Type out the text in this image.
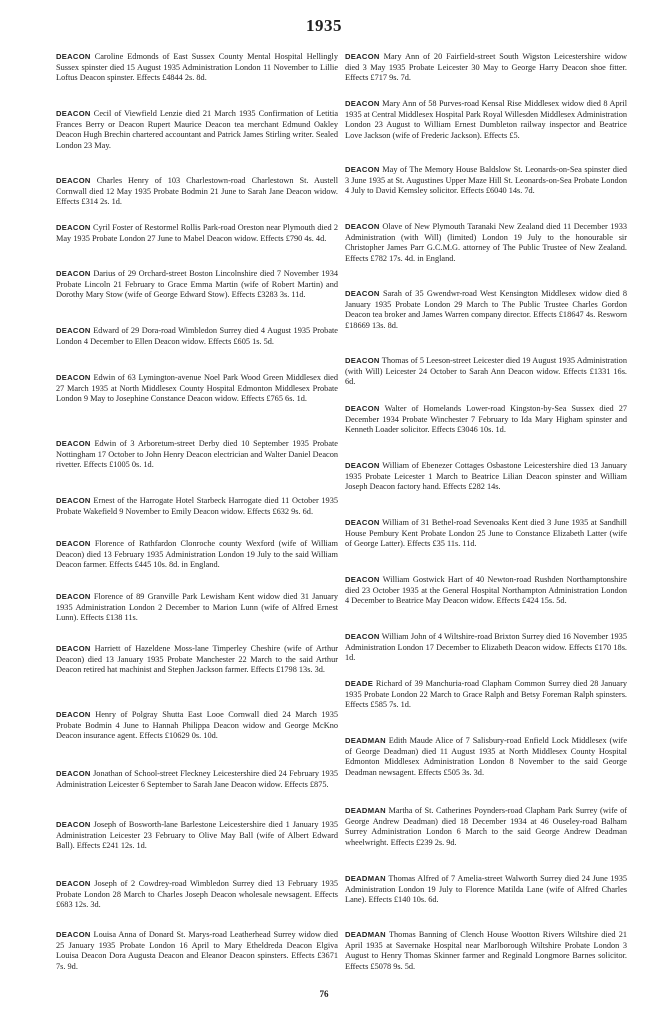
1935
DEACON Caroline Edmonds of East Sussex County Mental Hospital Hellingly Sussex spinster died 15 August 1935 Administration London 11 November to Lillie Loftus Deacon spinster. Effects £4844 2s. 8d.
DEACON Cecil of Viewfield Lenzie died 21 March 1935 Confirmation of Letitia Frances Berry or Deacon Rupert Maurice Deacon tea merchant Edmund Oakley Deacon Hugh Brechin chartered accountant and Patrick James Stirling writer. Sealed London 23 May.
DEACON Charles Henry of 103 Charlestown-road Charlestown St. Austell Cornwall died 12 May 1935 Probate Bodmin 21 June to Sarah Jane Deacon widow. Effects £314 2s. 1d.
DEACON Cyril Foster of Restormel Rollis Park-road Oreston near Plymouth died 2 May 1935 Probate London 27 June to Mabel Deacon widow. Effects £790 4s. 4d.
DEACON Darius of 29 Orchard-street Boston Lincolnshire died 7 November 1934 Probate Lincoln 21 February to Grace Emma Martin (wife of Robert Martin) and Dorothy Mary Stow (wife of George Edward Stow). Effects £3283 3s. 11d.
DEACON Edward of 29 Dora-road Wimbledon Surrey died 4 August 1935 Probate London 4 December to Ellen Deacon widow. Effects £605 1s. 5d.
DEACON Edwin of 63 Lymington-avenue Noel Park Wood Green Middlesex died 27 March 1935 at North Middlesex County Hospital Edmonton Middlesex Probate London 9 May to Josephine Constance Deacon widow. Effects £765 6s. 1d.
DEACON Edwin of 3 Arboretum-street Derby died 10 September 1935 Probate Nottingham 17 October to John Henry Deacon electrician and Walter Daniel Deacon rivetter. Effects £1005 0s. 1d.
DEACON Ernest of the Harrogate Hotel Starbeck Harrogate died 11 October 1935 Probate Wakefield 9 November to Emily Deacon widow. Effects £632 9s. 6d.
DEACON Florence of Rathfardon Clonroche county Wexford (wife of William Deacon) died 13 February 1935 Administration London 19 July to the said William Deacon farmer. Effects £445 10s. 8d. in England.
DEACON Florence of 89 Granville Park Lewisham Kent widow died 31 January 1935 Administration London 2 December to Marion Lunn (wife of Alfred Ernest Lunn). Effects £138 11s.
DEACON Harriett of Hazeldene Moss-lane Timperley Cheshire (wife of Arthur Deacon) died 13 January 1935 Probate Manchester 22 March to the said Arthur Deacon retired hat machinist and Stephen Jackson farmer. Effects £1798 13s. 3d.
DEACON Henry of Polgray Shutta East Looe Cornwall died 24 March 1935 Probate Bodmin 4 June to Hannah Philippa Deacon widow and George McKno Deacon insurance agent. Effects £10629 0s. 10d.
DEACON Jonathan of School-street Fleckney Leicestershire died 24 February 1935 Administration Leicester 6 September to Sarah Jane Deacon widow. Effects £875.
DEACON Joseph of Bosworth-lane Barlestone Leicestershire died 1 January 1935 Administration Leicester 23 February to Olive May Ball (wife of Albert Edward Ball). Effects £241 12s. 1d.
DEACON Joseph of 2 Cowdrey-road Wimbledon Surrey died 13 February 1935 Probate London 28 March to Charles Joseph Deacon wholesale newsagent. Effects £683 12s. 3d.
DEACON Louisa Anna of Donard St. Marys-road Leatherhead Surrey widow died 25 January 1935 Probate London 16 April to Mary Etheldreda Deacon Elgiva Louisa Deacon Dora Augusta Deacon and Eleanor Deacon spinsters. Effects £3671 7s. 9d.
DEACON Mary Ann of 20 Fairfield-street South Wigston Leicestershire widow died 3 May 1935 Probate Leicester 30 May to George Harry Deacon shoe fitter. Effects £717 9s. 7d.
DEACON Mary Ann of 58 Purves-road Kensal Rise Middlesex widow died 8 April 1935 at Central Middlesex Hospital Park Royal Willesden Middlesex Administration London 23 August to William Ernest Dumbleton railway inspector and Beatrice Love Jackson (wife of Frederic Jackson). Effects £5.
DEACON May of The Memory House Baldslow St. Leonards-on-Sea spinster died 3 June 1935 at St. Augustines Upper Maze Hill St. Leonards-on-Sea Probate London 4 July to David Kemsley solicitor. Effects £6040 14s. 7d.
DEACON Olave of New Plymouth Taranaki New Zealand died 11 December 1933 Administration (with Will) (limited) London 19 July to the honourable sir Christopher James Parr G.C.M.G. attorney of The Public Trustee of New Zealand. Effects £782 17s. 4d. in England.
DEACON Sarah of 35 Gwendwr-road West Kensington Middlesex widow died 8 January 1935 Probate London 29 March to The Public Trustee Charles Gordon Deacon tea broker and James Warren company director. Effects £18647 4s. Resworn £18669 13s. 8d.
DEACON Thomas of 5 Leeson-street Leicester died 19 August 1935 Administration (with Will) Leicester 24 October to Sarah Ann Deacon widow. Effects £1331 16s. 6d.
DEACON Walter of Homelands Lower-road Kingston-by-Sea Sussex died 27 December 1934 Probate Winchester 7 February to Ida Mary Higham spinster and Kenneth Loader solicitor. Effects £3046 10s. 1d.
DEACON William of Ebenezer Cottages Osbastone Leicestershire died 13 January 1935 Probate Leicester 1 March to Beatrice Lilian Deacon spinster and William Joseph Deacon factory hand. Effects £282 14s.
DEACON William of 31 Bethel-road Sevenoaks Kent died 3 June 1935 at Sandhill House Pembury Kent Probate London 25 June to Constance Elizabeth Latter (wife of George Latter). Effects £35 11s. 11d.
DEACON William Gostwick Hart of 40 Newton-road Rushden Northamptonshire died 23 October 1935 at the General Hospital Northampton Administration London 4 December to Beatrice May Deacon widow. Effects £424 15s. 5d.
DEACON William John of 4 Wiltshire-road Brixton Surrey died 16 November 1935 Administration London 17 December to Elizabeth Deacon widow. Effects £170 18s. 1d.
DEADE Richard of 39 Manchuria-road Clapham Common Surrey died 28 January 1935 Probate London 22 March to Grace Ralph and Betsy Foreman Ralph spinsters. Effects £585 7s. 1d.
DEADMAN Edith Maude Alice of 7 Salisbury-road Enfield Lock Middlesex (wife of George Deadman) died 11 August 1935 at North Middlesex County Hospital Edmonton Middlesex Administration London 8 November to the said George Deadman newsagent. Effects £505 3s. 3d.
DEADMAN Martha of St. Catherines Poynders-road Clapham Park Surrey (wife of George Andrew Deadman) died 18 December 1934 at 46 Ouseley-road Balham Surrey Administration London 6 March to the said George Andrew Deadman wheelwright. Effects £239 2s. 9d.
DEADMAN Thomas Alfred of 7 Amelia-street Walworth Surrey died 24 June 1935 Administration London 19 July to Florence Matilda Lane (wife of Alfred Charles Lane). Effects £140 10s. 6d.
DEADMAN Thomas Banning of Clench House Wootton Rivers Wiltshire died 21 April 1935 at Savernake Hospital near Marlborough Wiltshire Probate London 3 August to Henry Thomas Skinner farmer and Reginald Longmore Barnes solicitor. Effects £5078 9s. 5d.
76
